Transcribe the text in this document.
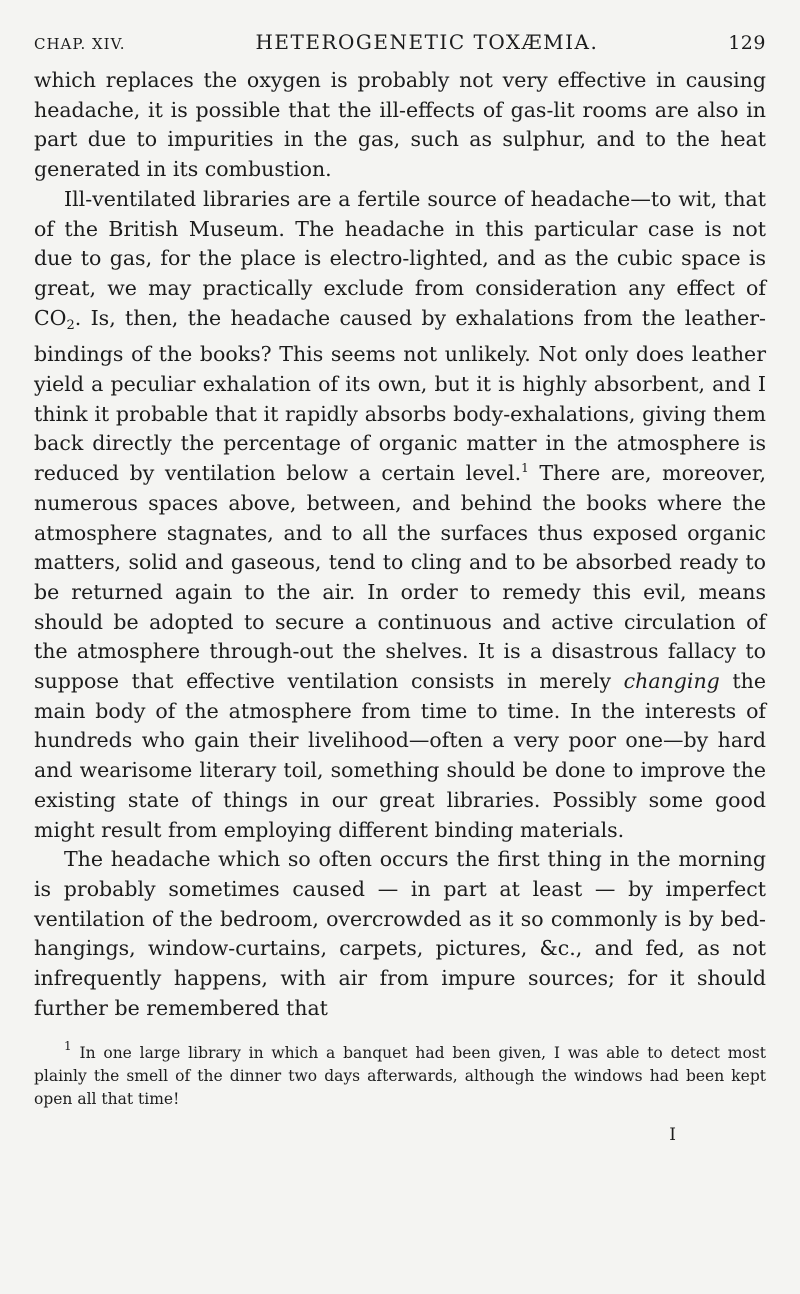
CHAP. XIV.	HETEROGENETIC TOXÆMIA.	129

which replaces the oxygen is probably not very effective in causing headache, it is possible that the ill-effects of gas-lit rooms are also in part due to impurities in the gas, such as sulphur, and to the heat generated in its combustion.

Ill-ventilated libraries are a fertile source of headache—to wit, that of the British Museum. The headache in this particular case is not due to gas, for the place is electro-lighted, and as the cubic space is great, we may practically exclude from consideration any effect of $CO_2$. Is, then, the headache caused by exhalations from the leather-bindings of the books? This seems not unlikely. Not only does leather yield a peculiar exhalation of its own, but it is highly absorbent, and I think it probable that it rapidly absorbs body-exhalations, giving them back directly the percentage of organic matter in the atmosphere is reduced by ventilation below a certain level.$^1$ There are, moreover, numerous spaces above, between, and behind the books where the atmosphere stagnates, and to all the surfaces thus exposed organic matters, solid and gaseous, tend to cling and to be absorbed ready to be returned again to the air. In order to remedy this evil, means should be adopted to secure a continuous and active circulation of the atmosphere through-out the shelves. It is a disastrous fallacy to suppose that effective ventilation consists in merely changing the main body of the atmosphere from time to time. In the interests of hundreds who gain their livelihood—often a very poor one—by hard and wearisome literary toil, something should be done to improve the existing state of things in our great libraries. Possibly some good might result from employing different binding materials.

The headache which so often occurs the first thing in the morning is probably sometimes caused — in part at least — by imperfect ventilation of the bedroom, overcrowded as it so commonly is by bed-hangings, window-curtains, carpets, pictures, &c., and fed, as not infrequently happens, with air from impure sources; for it should further be remembered that

$^1$ In one large library in which a banquet had been given, I was able to detect most plainly the smell of the dinner two days afterwards, although the windows had been kept open all that time!
I
